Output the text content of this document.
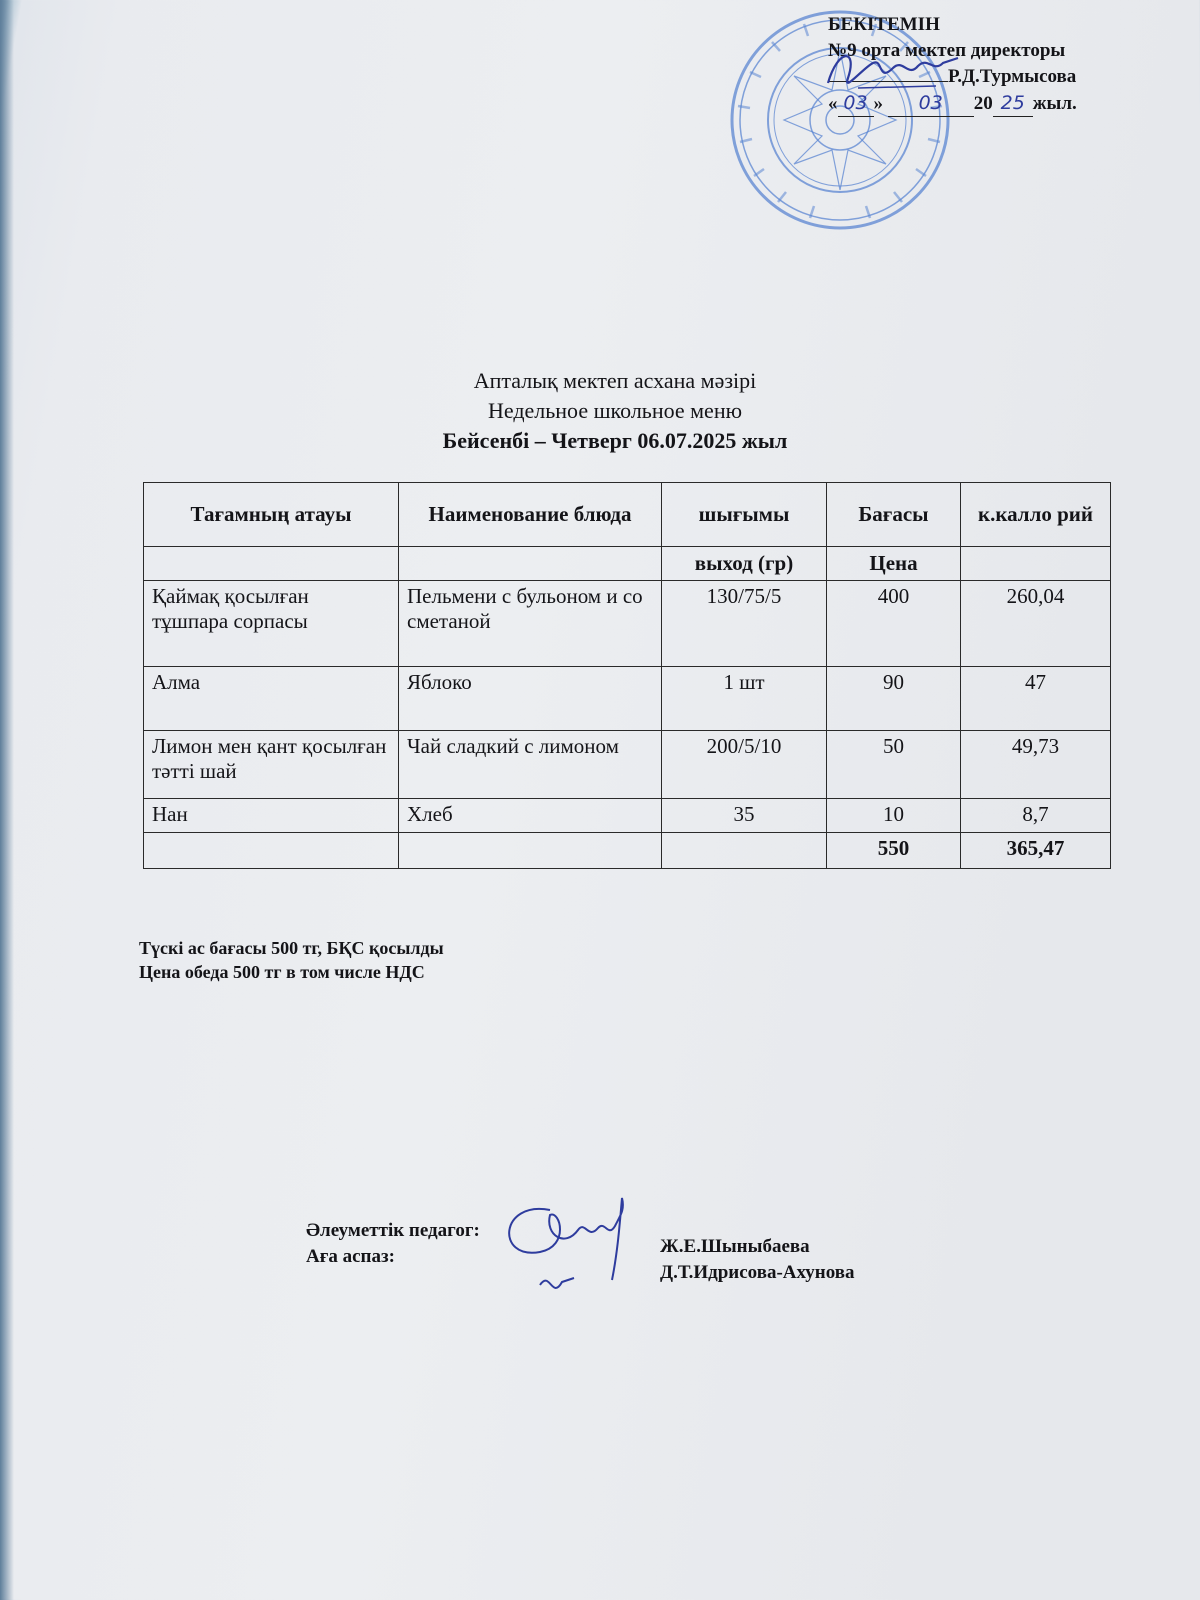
БЕКІТЕМІН
№9 орта мектеп директоры
Р.Д.Турмысова
« 03 » 03 20 25 жыл.
Апталық мектеп асхана мәзірі
Недельное школьное меню
Бейсенбі – Четверг 06.07.2025 жыл
Тағамның атауы	Наименование блюда	шығымы	Бағасы	к.калло рий
		выход (гр)	Цена	
Қаймақ қосылған тұшпара сорпасы	Пельмени с бульоном и со сметаной	130/75/5	400	260,04
Алма	Яблоко	1 шт	90	47
Лимон мен қант қосылған тәтті шай	Чай сладкий с лимоном	200/5/10	50	49,73
Нан	Хлеб	35	10	8,7
			550	365,47
Түскі ас бағасы 500 тг, БҚС қосылды
Цена обеда 500 тг в том числе НДС
Әлеуметтік педагог:
Аға аспаз:	Ж.Е.Шыныбаева
Д.Т.Идрисова-Ахунова
